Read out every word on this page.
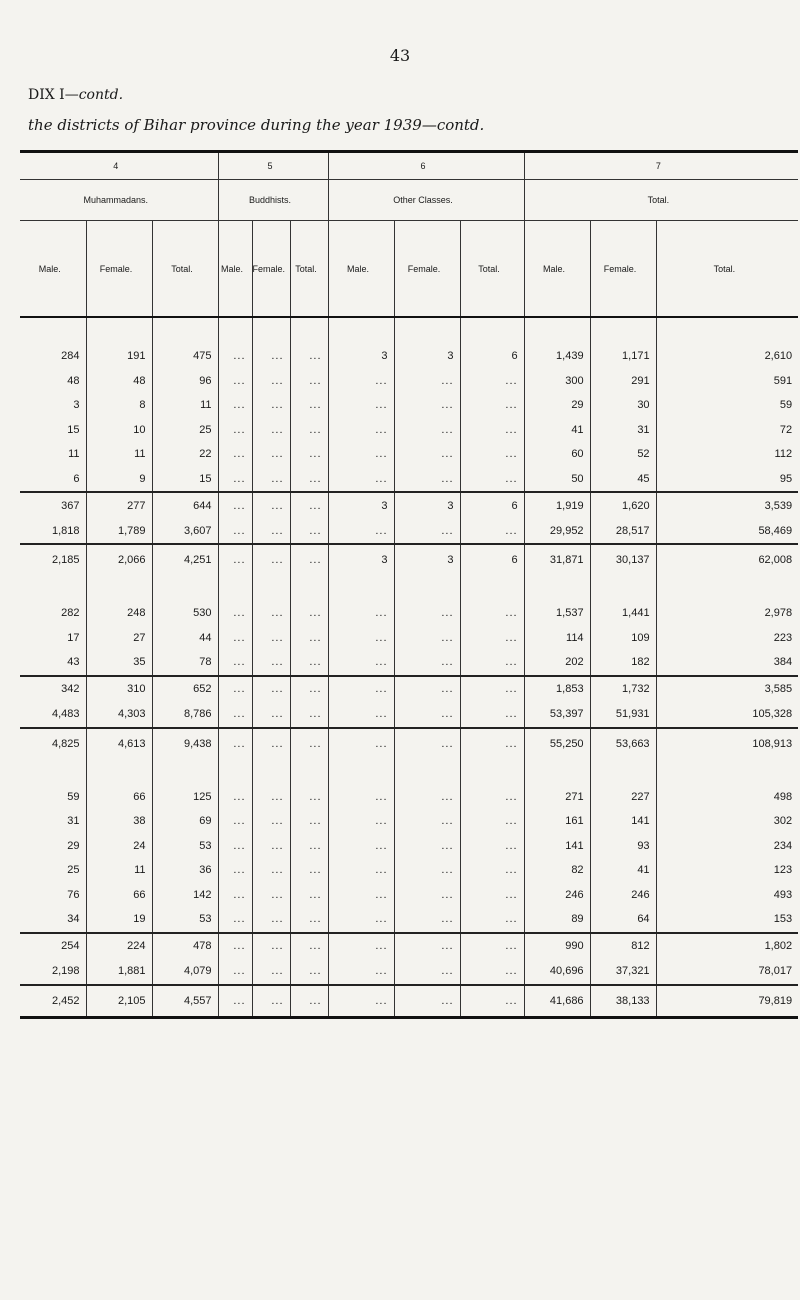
43
DIX I—contd.
the districts of Bihar province during the year 1939—contd.
4			5			6			7		
Muhammadans.			Buddhists.			Other Classes.			Total.		
Male.	Female.	Total.	Male.	Female.	Total.	Male.	Female.	Total.	Male.	Female.	Total.

284	191	475	...	...	...	3	3	6	1,439	1,171	2,610
48	48	96	...	...	...	...	...	...	300	291	591
3	8	11	...	...	...	...	...	...	29	30	59
15	10	25	...	...	...	...	...	...	41	31	72
11	11	22	...	...	...	...	...	...	60	52	112
6	9	15	...	...	...	...	...	...	50	45	95
367	277	644	...	...	...	3	3	6	1,919	1,620	3,539
1,818	1,789	3,607	...	...	...	...	...	...	29,952	28,517	58,469
2,185	2,066	4,251	...	...	...	3	3	6	31,871	30,137	62,008

282	248	530	...	...	...	...	...	...	1,537	1,441	2,978
17	27	44	...	...	...	...	...	...	114	109	223
43	35	78	...	...	...	...	...	...	202	182	384
342	310	652	...	...	...	...	...	...	1,853	1,732	3,585
4,483	4,303	8,786	...	...	...	...	...	...	53,397	51,931	105,328
4,825	4,613	9,438	...	...	...	...	...	...	55,250	53,663	108,913

59	66	125	...	...	...	...	...	...	271	227	498
31	38	69	...	...	...	...	...	...	161	141	302
29	24	53	...	...	...	...	...	...	141	93	234
25	11	36	...	...	...	...	...	...	82	41	123
76	66	142	...	...	...	...	...	...	246	246	493
34	19	53	...	...	...	...	...	...	89	64	153
254	224	478	...	...	...	...	...	...	990	812	1,802
2,198	1,881	4,079	...	...	...	...	...	...	40,696	37,321	78,017
2,452	2,105	4,557	...	...	...	...	...	...	41,686	38,133	79,819
